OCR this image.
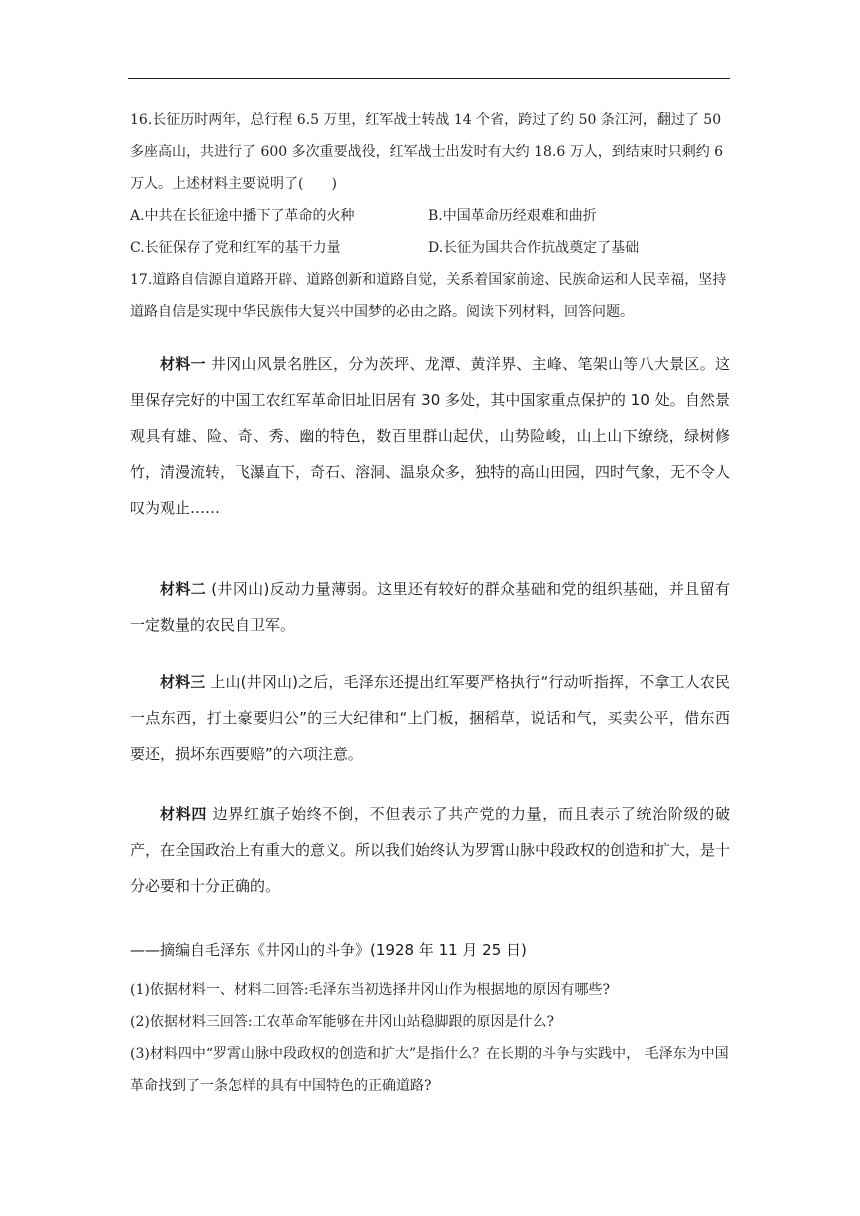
16.长征历时两年，总行程 6.5 万里，红军战士转战 14 个省，跨过了约 50 条江河，翻过了 50 多座高山，共进行了 600 多次重要战役，红军战士出发时有大约 18.6 万人，到结束时只剩约 6 万人。上述材料主要说明了(　　)

A.中共在长征途中播下了革命的火种	B.中国革命历经艰难和曲折
C.长征保存了党和红军的基干力量	D.长征为国共合作抗战奠定了基础

17.道路自信源自道路开辟、道路创新和道路自觉，关系着国家前途、民族命运和人民幸福，坚持道路自信是实现中华民族伟大复兴中国梦的必由之路。阅读下列材料，回答问题。

材料一 井冈山风景名胜区，分为茨坪、龙潭、黄洋界、主峰、笔架山等八大景区。这里保存完好的中国工农红军革命旧址旧居有 30 多处，其中国家重点保护的 10 处。自然景观具有雄、险、奇、秀、幽的特色，数百里群山起伏，山势险峻，山上山下缭绕，绿树修竹，清漫流转，飞瀑直下，奇石、溶洞、温泉众多，独特的高山田园，四时气象，无不令人叹为观止……

材料二 (井冈山)反动力量薄弱。这里还有较好的群众基础和党的组织基础，并且留有一定数量的农民自卫军。

材料三 上山(井冈山)之后，毛泽东还提出红军要严格执行“行动听指挥，不拿工人农民一点东西，打土豪要归公”的三大纪律和“上门板，捆稻草，说话和气，买卖公平，借东西要还，损坏东西要赔”的六项注意。

材料四 边界红旗子始终不倒，不但表示了共产党的力量，而且表示了统治阶级的破产，在全国政治上有重大的意义。所以我们始终认为罗霄山脉中段政权的创造和扩大，是十分必要和十分正确的。

——摘编自毛泽东《井冈山的斗争》(1928 年 11 月 25 日)

(1)依据材料一、材料二回答:毛泽东当初选择井冈山作为根据地的原因有哪些?

(2)依据材料三回答:工农革命军能够在井冈山站稳脚跟的原因是什么?

(3)材料四中“罗霄山脉中段政权的创造和扩大”是指什么？在长期的斗争与实践中， 毛泽东为中国革命找到了一条怎样的具有中国特色的正确道路?
